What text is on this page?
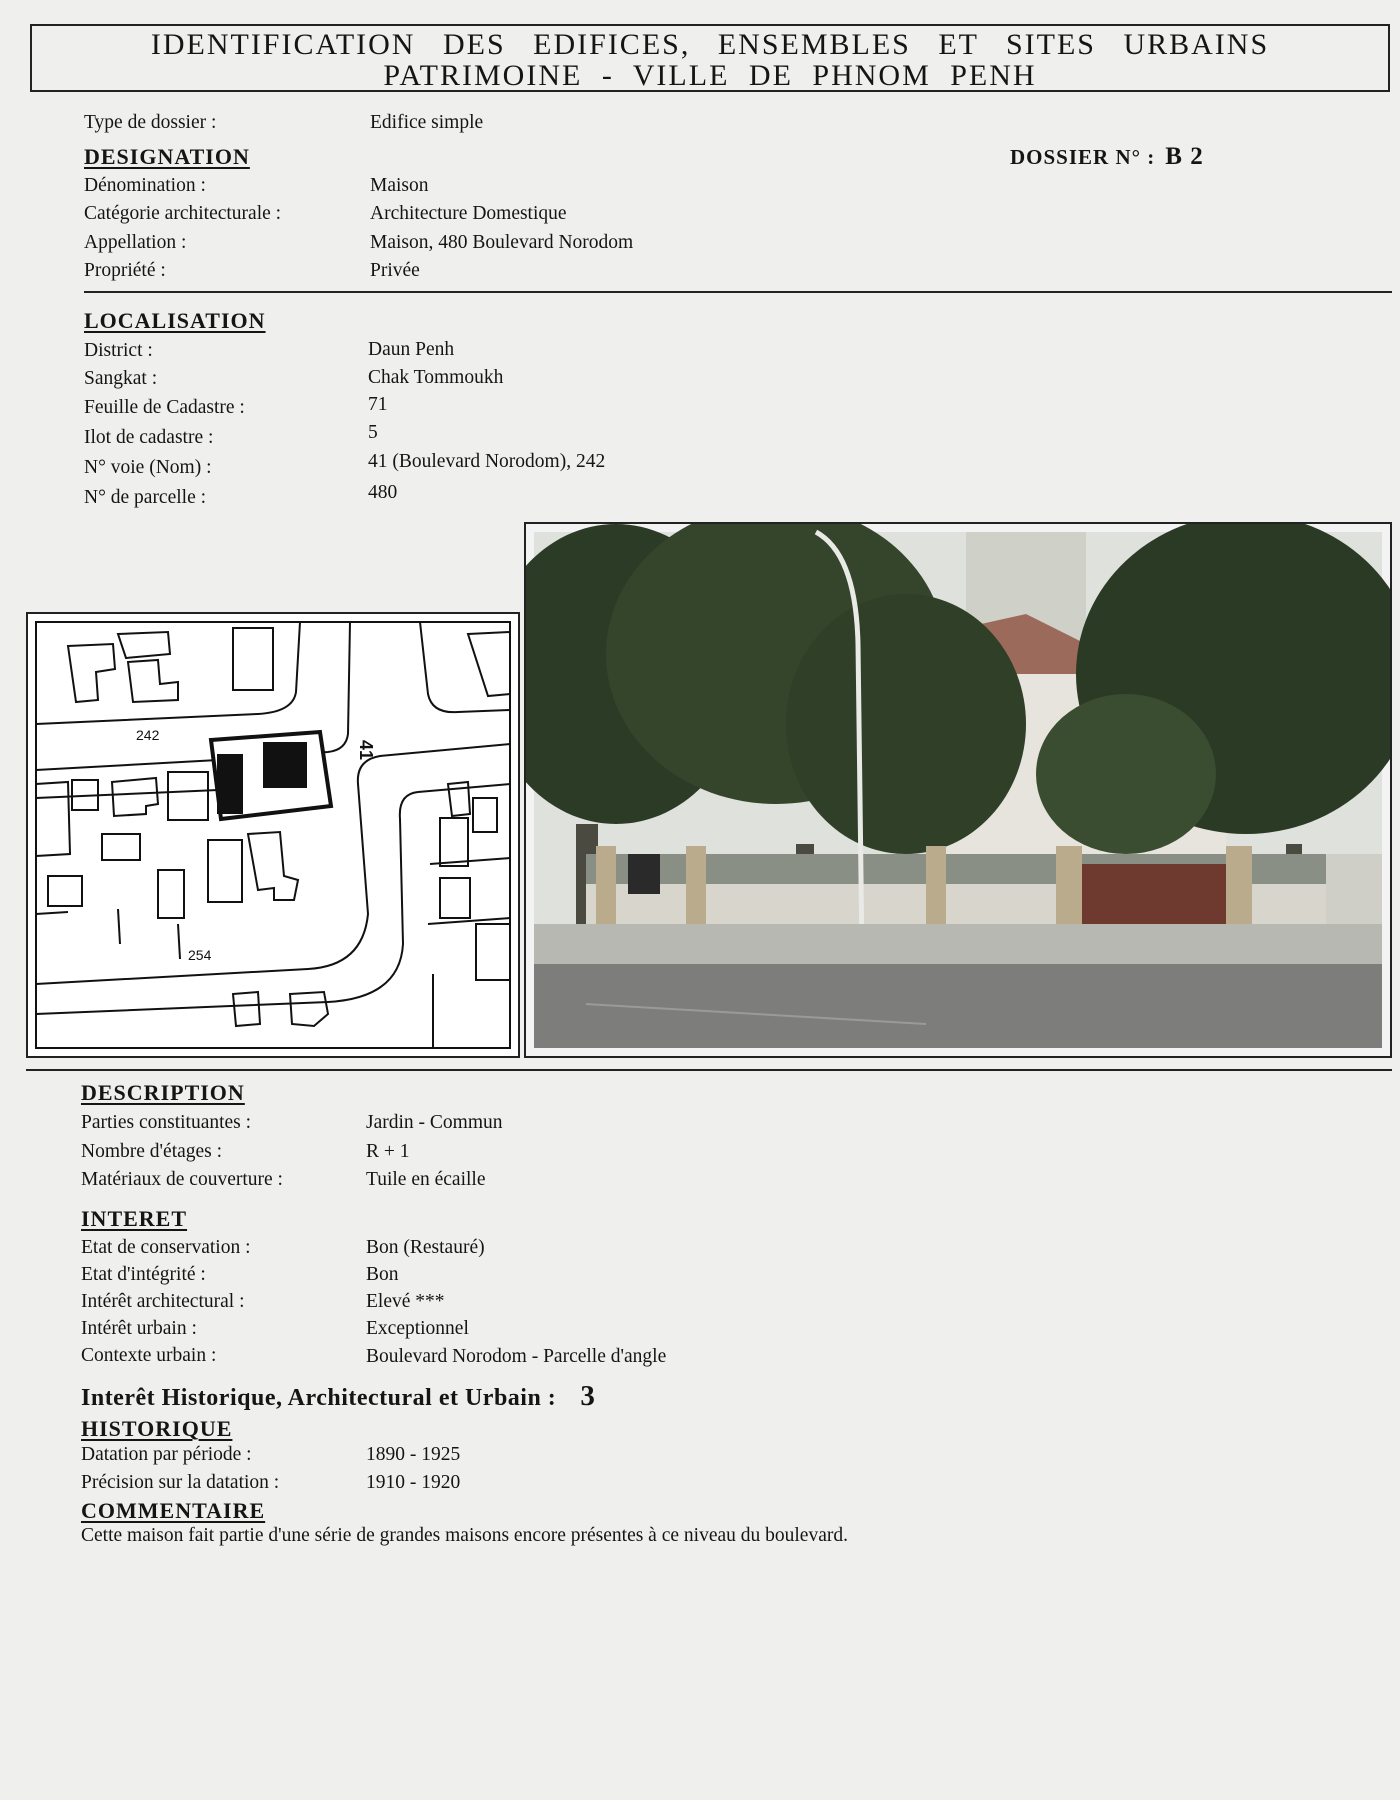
IDENTIFICATION DES EDIFICES, ENSEMBLES ET SITES URBAINS
PATRIMOINE - VILLE DE PHNOM PENH
Type de dossier :	Edifice simple
DESIGNATION	DOSSIER N° : B 2
Dénomination :	Maison
Catégorie architecturale :	Architecture Domestique
Appellation :	Maison, 480 Boulevard Norodom
Propriété :	Privée
LOCALISATION
District :	Daun Penh
Sangkat :	Chak Tommoukh
Feuille de Cadastre :	71
Ilot de cadastre :	5
N° voie (Nom) :	41 (Boulevard Norodom), 242
N° de parcelle :	480
242
254
41
DESCRIPTION
Parties constituantes :	Jardin - Commun
Nombre d'étages :	R + 1
Matériaux de couverture :	Tuile en écaille
INTERET
Etat de conservation :	Bon (Restauré)
Etat d'intégrité :	Bon
Intérêt architectural :	Elevé ***
Intérêt urbain :	Exceptionnel
Contexte urbain :	Boulevard Norodom - Parcelle d'angle
Interêt Historique, Architectural et Urbain : 3
HISTORIQUE
Datation par période :	1890 - 1925
Précision sur la datation :	1910 - 1920
COMMENTAIRE
Cette maison fait partie d'une série de grandes maisons encore présentes à ce niveau du boulevard.
